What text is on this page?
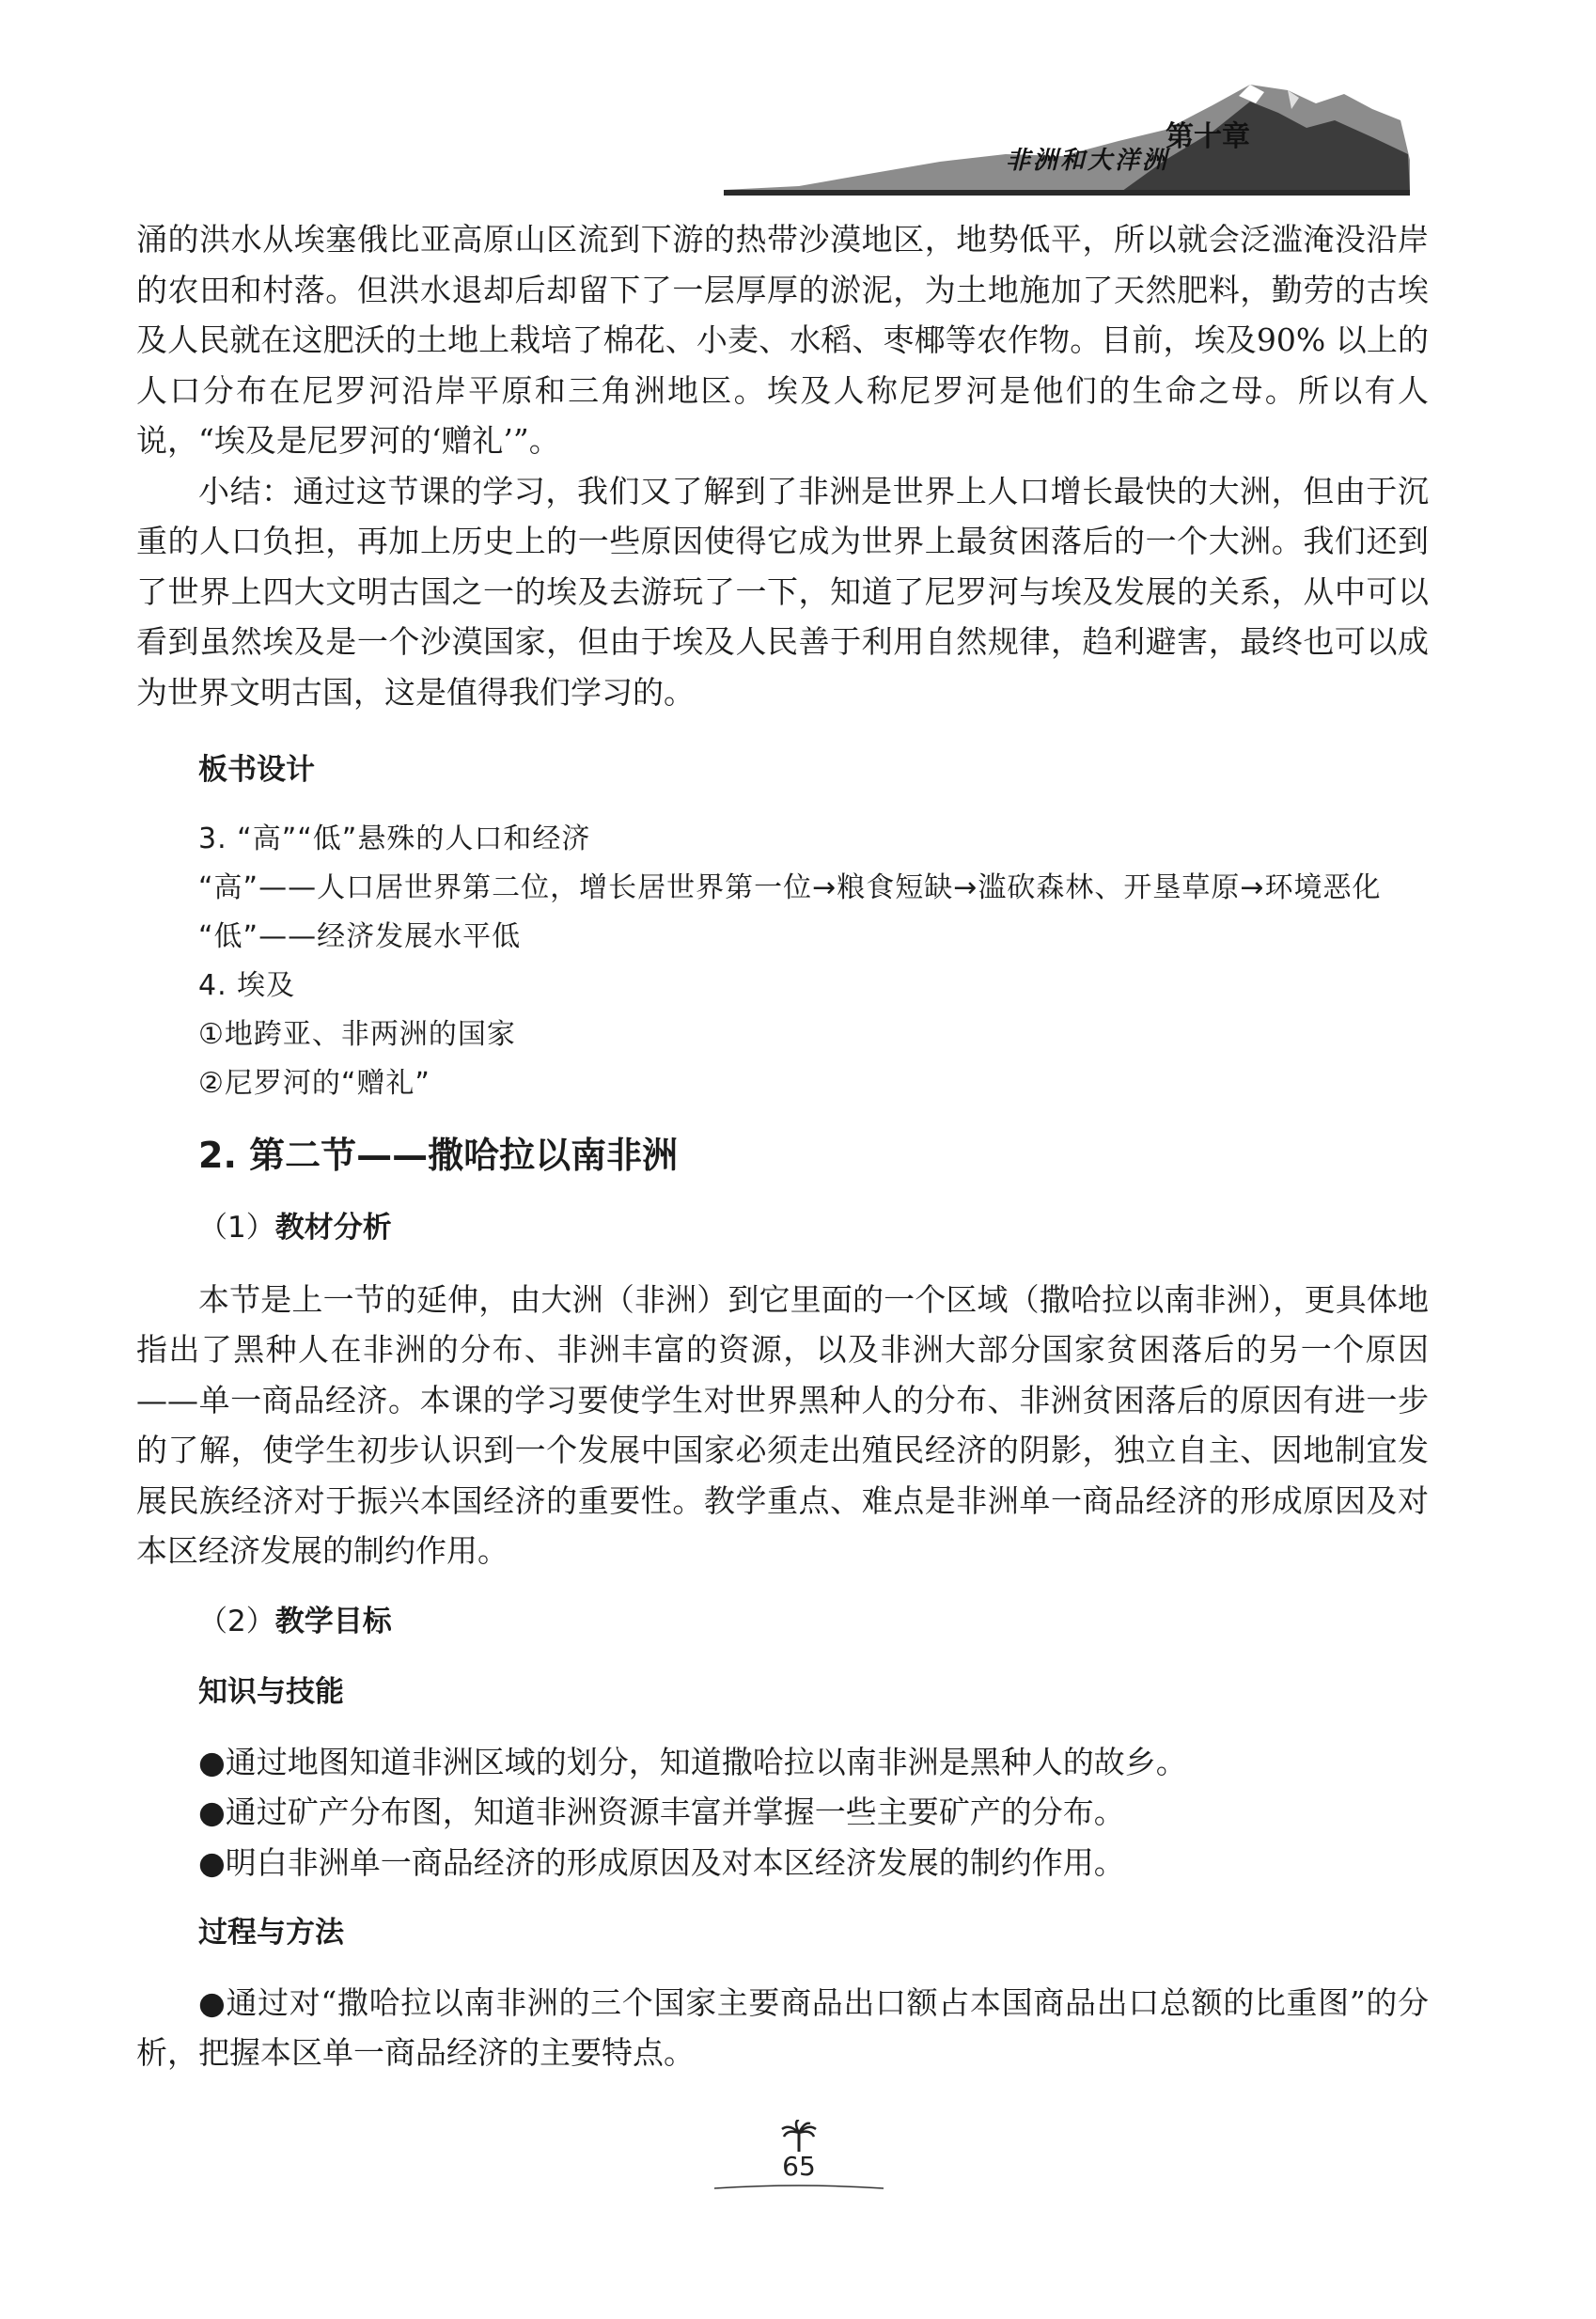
第十章
非洲和大洋洲

涌的洪水从埃塞俄比亚高原山区流到下游的热带沙漠地区，地势低平，所以就会泛滥淹没沿岸的农田和村落。但洪水退却后却留下了一层厚厚的淤泥，为土地施加了天然肥料，勤劳的古埃及人民就在这肥沃的土地上栽培了棉花、小麦、水稻、枣椰等农作物。目前，埃及90% 以上的人口分布在尼罗河沿岸平原和三角洲地区。埃及人称尼罗河是他们的生命之母。所以有人说，“埃及是尼罗河的‘赠礼’”。

小结：通过这节课的学习，我们又了解到了非洲是世界上人口增长最快的大洲，但由于沉重的人口负担，再加上历史上的一些原因使得它成为世界上最贫困落后的一个大洲。我们还到了世界上四大文明古国之一的埃及去游玩了一下，知道了尼罗河与埃及发展的关系，从中可以看到虽然埃及是一个沙漠国家，但由于埃及人民善于利用自然规律，趋利避害，最终也可以成为世界文明古国，这是值得我们学习的。

板书设计

3. “高”“低”悬殊的人口和经济

“高”——人口居世界第二位，增长居世界第一位→粮食短缺→滥砍森林、开垦草原→环境恶化

“低”——经济发展水平低

4. 埃及

①地跨亚、非两洲的国家

②尼罗河的“赠礼”

2. 第二节——撒哈拉以南非洲

（1）教材分析

本节是上一节的延伸，由大洲（非洲）到它里面的一个区域（撒哈拉以南非洲），更具体地指出了黑种人在非洲的分布、非洲丰富的资源，以及非洲大部分国家贫困落后的另一个原因——单一商品经济。本课的学习要使学生对世界黑种人的分布、非洲贫困落后的原因有进一步的了解，使学生初步认识到一个发展中国家必须走出殖民经济的阴影，独立自主、因地制宜发展民族经济对于振兴本国经济的重要性。教学重点、难点是非洲单一商品经济的形成原因及对本区经济发展的制约作用。

（2）教学目标

知识与技能

●通过地图知道非洲区域的划分，知道撒哈拉以南非洲是黑种人的故乡。

●通过矿产分布图，知道非洲资源丰富并掌握一些主要矿产的分布。

●明白非洲单一商品经济的形成原因及对本区经济发展的制约作用。

过程与方法

●通过对“撒哈拉以南非洲的三个国家主要商品出口额占本国商品出口总额的比重图”的分析，把握本区单一商品经济的主要特点。

65
